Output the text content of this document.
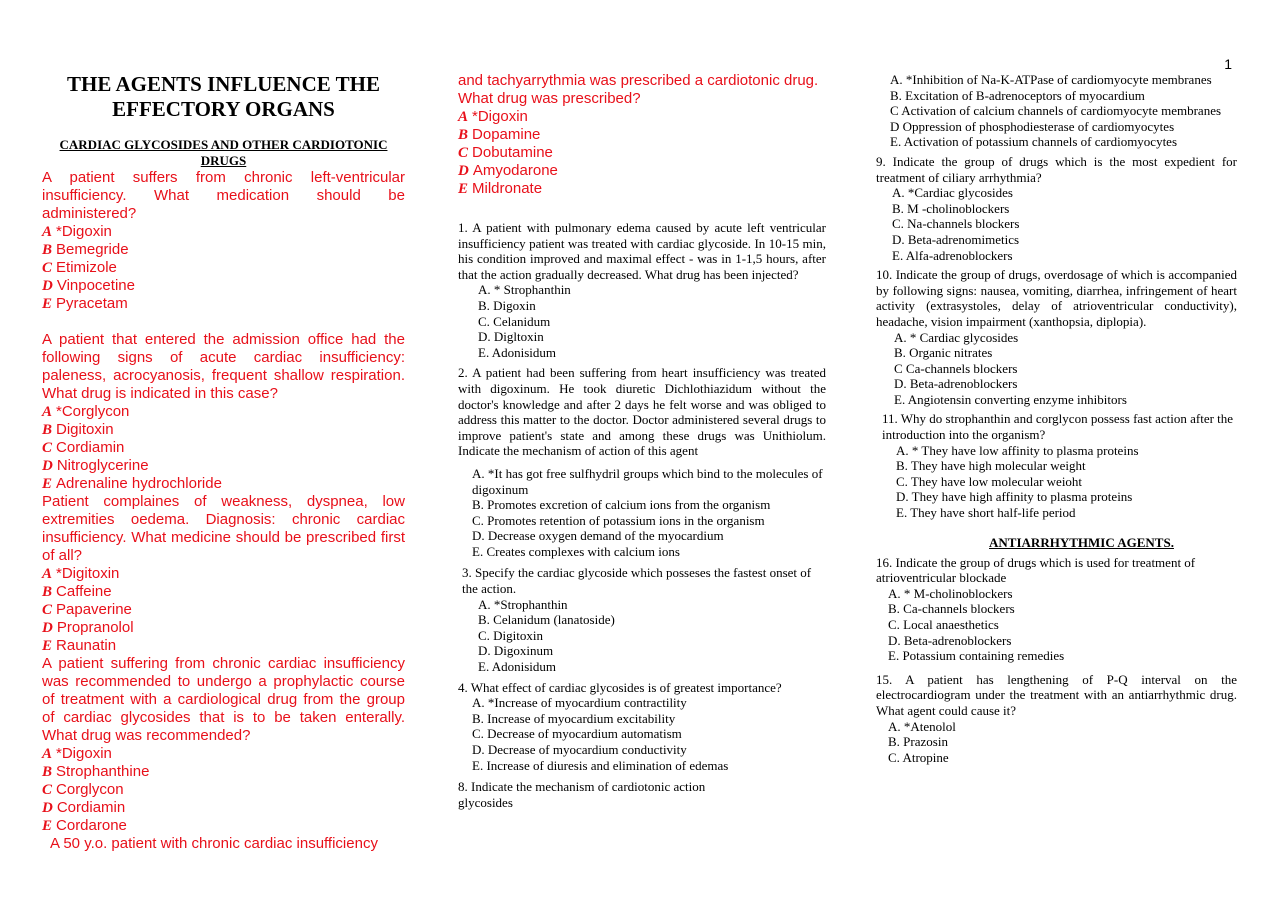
1
THE AGENTS INFLUENCE THE EFFECTORY ORGANS
CARDIAC GLYCOSIDES AND OTHER CARDIOTONIC DRUGS
A patient suffers from chronic left-ventricular insufficiency. What medication should be administered?
A *Digoxin
B Bemegride
C Etimizole
D Vinpocetine
E Pyracetam
A patient that entered the admission office had the following signs of acute cardiac insufficiency: paleness, acrocyanosis, frequent shallow respiration. What drug is indicated in this case?
A *Corglycon
B Digitoxin
C Cordiamin
D Nitroglycerine
E Adrenaline hydrochloride
Patient complaines of weakness, dyspnea, low extremities oedema. Diagnosis: chronic cardiac insufficiency. What medicine should be prescribed first of all?
A *Digitoxin
B Caffeine
C Papaverine
D Propranolol
E Raunatin
A patient suffering from chronic cardiac insufficiency was recommended to undergo a prophylactic course of treatment with a cardiological drug from the group of cardiac glycosides that is to be taken enterally. What drug was recommended?
A *Digoxin
B Strophanthine
C Corglycon
D Cordiamin
E Cordarone
A 50 y.o. patient with chronic cardiac insufficiency
and tachyarrythmia was prescribed a cardiotonic drug. What drug was prescribed?
A *Digoxin
B Dopamine
C Dobutamine
D Amyodarone
E Mildronate
1. A patient with pulmonary edema caused by acute left ventricular insufficiency patient was treated with cardiac glycoside. In 10-15 min, his condition improved and maximal effect - was in 1-1,5 hours, after that the action gradually decreased. What drug has been injected?
A. * Strophanthin
B. Digoxin
C. Celanidum
D. Digltoxin
E. Adonisidum
2. A patient had been suffering from heart insufficiency was treated with digoxinum. He took diuretic Dichlothiazidum without the doctor's knowledge and after 2 days he felt worse and was obliged to address this matter to the doctor. Doctor administered several drugs to improve patient's state and among these drugs was Unithiolum. Indicate the mechanism of action of this agent
A. *It has got free sulfhydril groups which bind to the molecules of digoxinum
B. Promotes excretion of calcium ions from the organism
C. Promotes retention of potassium ions in the organism
D. Decrease oxygen demand of the myocardium
E. Creates complexes with calcium ions
3. Specify the cardiac glycoside which posseses the fastest onset of the action.
A. *Strophanthin
B. Celanidum (lanatoside)
C. Digitoxin
D. Digoxinum
E. Adonisidum
4. What effect of cardiac glycosides is of greatest importance?
A. *Increase of myocardium contractility
B. Increase of myocardium excitability
C. Decrease of myocardium automatism
D. Decrease of myocardium conductivity
E. Increase of diuresis and elimination of edemas
8. Indicate the mechanism of cardiotonic action glycosides
A. *Inhibition of Na-K-ATPase of cardiomyocyte membranes
B. Excitation of B-adrenoceptors of myocardium
C Activation of calcium channels of cardiomyocyte membranes
D Oppression of phosphodiesterase of cardiomyocytes
E. Activation of potassium channels of cardiomyocytes
9. Indicate the group of drugs which is the most expedient for treatment of ciliary arrhythmia?
A. *Cardiac glycosides
B. M -cholinoblockers
C. Na-channels blockers
D. Beta-adrenomimetics
E. Alfa-adrenoblockers
10. Indicate the group of drugs, overdosage of which is accompanied by following signs: nausea, vomiting, diarrhea, infringement of heart activity (extrasystoles, delay of atrioventricular conductivity), headache, vision impairment (xanthopsia, diplopia).
A. * Cardiac glycosides
B. Organic nitrates
C Ca-channels blockers
D. Beta-adrenoblockers
E. Angiotensin converting enzyme inhibitors
11. Why do strophanthin and corglycon possess fast action after the introduction into the organism?
A. * They have low affinity to plasma proteins
B. They have high molecular weight
C. They have low molecular weioht
D. They have high affinity to plasma proteins
E. They have short half-life period
ANTIARRHYTHMIC AGENTS.
16. Indicate the group of drugs which is used for treatment of atrioventricular blockade
A. * M-cholinoblockers
B. Ca-channels blockers
C. Local anaesthetics
D. Beta-adrenoblockers
E. Potassium containing remedies
15. A patient has lengthening of P-Q interval on the electrocardiogram under the treatment with an antiarrhythmic drug. What agent could cause it?
A. *Atenolol
B. Prazosin
C. Atropine
